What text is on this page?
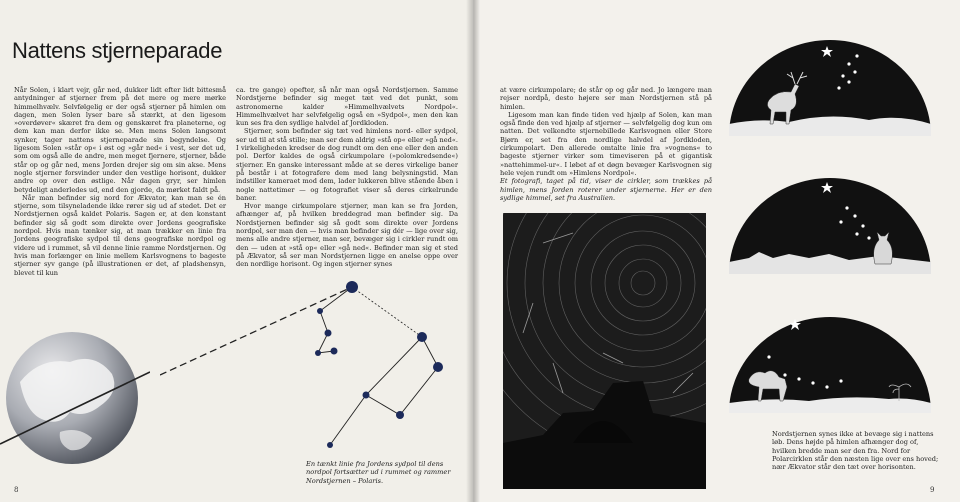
Nattens stjerneparade

Når Solen, i klart vejr, går ned, dukker lidt efter lidt bittesmå antydninger af stjerner frem på det mere og mere mørke himmelhvælv. Selvfølgelig er der også stjerner på himlen om dagen, men Solen lyser bare så stærkt, at den ligesom »overdøver« skæret fra dem og genskæret fra planeterne, og dem kan man derfor ikke se. Men mens Solen langsomt synker, tager nattens stjerneparade sin begyndelse. Og ligesom Solen »står op« i øst og »går ned« i vest, ser det ud, som om også alle de andre, men meget fjernere, stjerner, både står op og går ned, mens Jorden drejer sig om sin akse. Mens nogle stjerner forsvinder under den vestlige horisont, dukker andre op over den østlige. Når dagen gryr, ser himlen betydeligt anderledes ud, end den gjorde, da mørket faldt på.

Når man befinder sig nord for Ækvator, kan man se én stjerne, som tilsyneladende ikke rører sig ud af stedet. Det er Nordstjernen også kaldet Polaris. Sagen er, at den konstant befinder sig så godt som direkte over Jordens geografiske nordpol. Hvis man tænker sig, at man trækker en linie fra Jordens geografiske sydpol til dens geografiske nordpol og videre ud i rummet, så vil denne linie ramme Nordstjernen. Og hvis man forlænger en linie mellem Karlsvognens to bageste stjerner syv gange (på illustrationen er det, af pladshensyn, blevet til kun

ca. tre gange) opefter, så når man også Nordstjernen. Samme Nordstjerne befinder sig meget tæt ved det punkt, som astronomerne kalder »Himmelhvælvets Nordpol«. Himmelhvælvet har selvfølgelig også en »Sydpol«, men den kan kun ses fra den sydlige halvdel af Jordkloden.

Stjerner, som befinder sig tæt ved himlens nord- eller sydpol, ser ud til at stå stille; man ser dem aldrig »stå op« eller »gå ned«. I virkeligheden kredser de dog rundt om den ene eller den anden pol. Derfor kaldes de også cirkumpolare (»polomkredsende«) stjerner. En ganske interessant måde at se deres virkelige baner på består i at fotografere dem med lang belysningstid. Man indstiller kameraet mod dem, lader lukkeren blive stående åben i nogle nattetimer — og fotografiet viser så deres cirkelrunde baner.

Hvor mange cirkumpolare stjerner, man kan se fra Jorden, afhænger af, på hvilken breddegrad man befinder sig. Da Nordstjernen befinder sig så godt som direkte over Jordens nordpol, ser man den — hvis man befinder sig dér — lige over sig, mens alle andre stjerner, man ser, bevæger sig i cirkler rundt om den — uden at »stå op« eller »gå ned«. Befinder man sig et sted på Ækvator, så ser man Nordstjernen ligge en anelse oppe over den nordlige horisont. Og ingen stjerner synes

En tænkt linie fra Jordens sydpol til dens nordpol fortsætter ud i rummet og rammer Nordstjernen – Polaris.
8

at være cirkumpolare; de står op og går ned. Jo længere man rejser nordpå, desto højere ser man Nordstjernen stå på himlen.

Ligesom man kan finde tiden ved hjælp af Solen, kan man også finde den ved hjælp af stjerner — selvfølgelig dog kun om natten. Det velkendte stjernebillede Karlsvognen eller Store Bjørn er, set fra den nordlige halvdel af Jordkloden, cirkumpolart. Den allerede omtalte linie fra »vognens« to bageste stjerner virker som timeviseren på et gigantisk »nattehimmel-ur«. I løbet af et døgn bevæger Karlsvognen sig hele vejen rundt om »Himlens Nordpol«.

Et fotografi, taget på tid, viser de cirkler, som trækkes på himlen, mens Jorden roterer under stjernerne. Her er den sydlige himmel, set fra Australien.

Nordstjernen synes ikke at bevæge sig i nattens løb. Dens højde på himlen afhænger dog of, hvilken bredde man ser den fra. Nord for Polarcirklen står den næsten lige over ens hoved; nær Ækvator står den tæt over horisonten.
9
